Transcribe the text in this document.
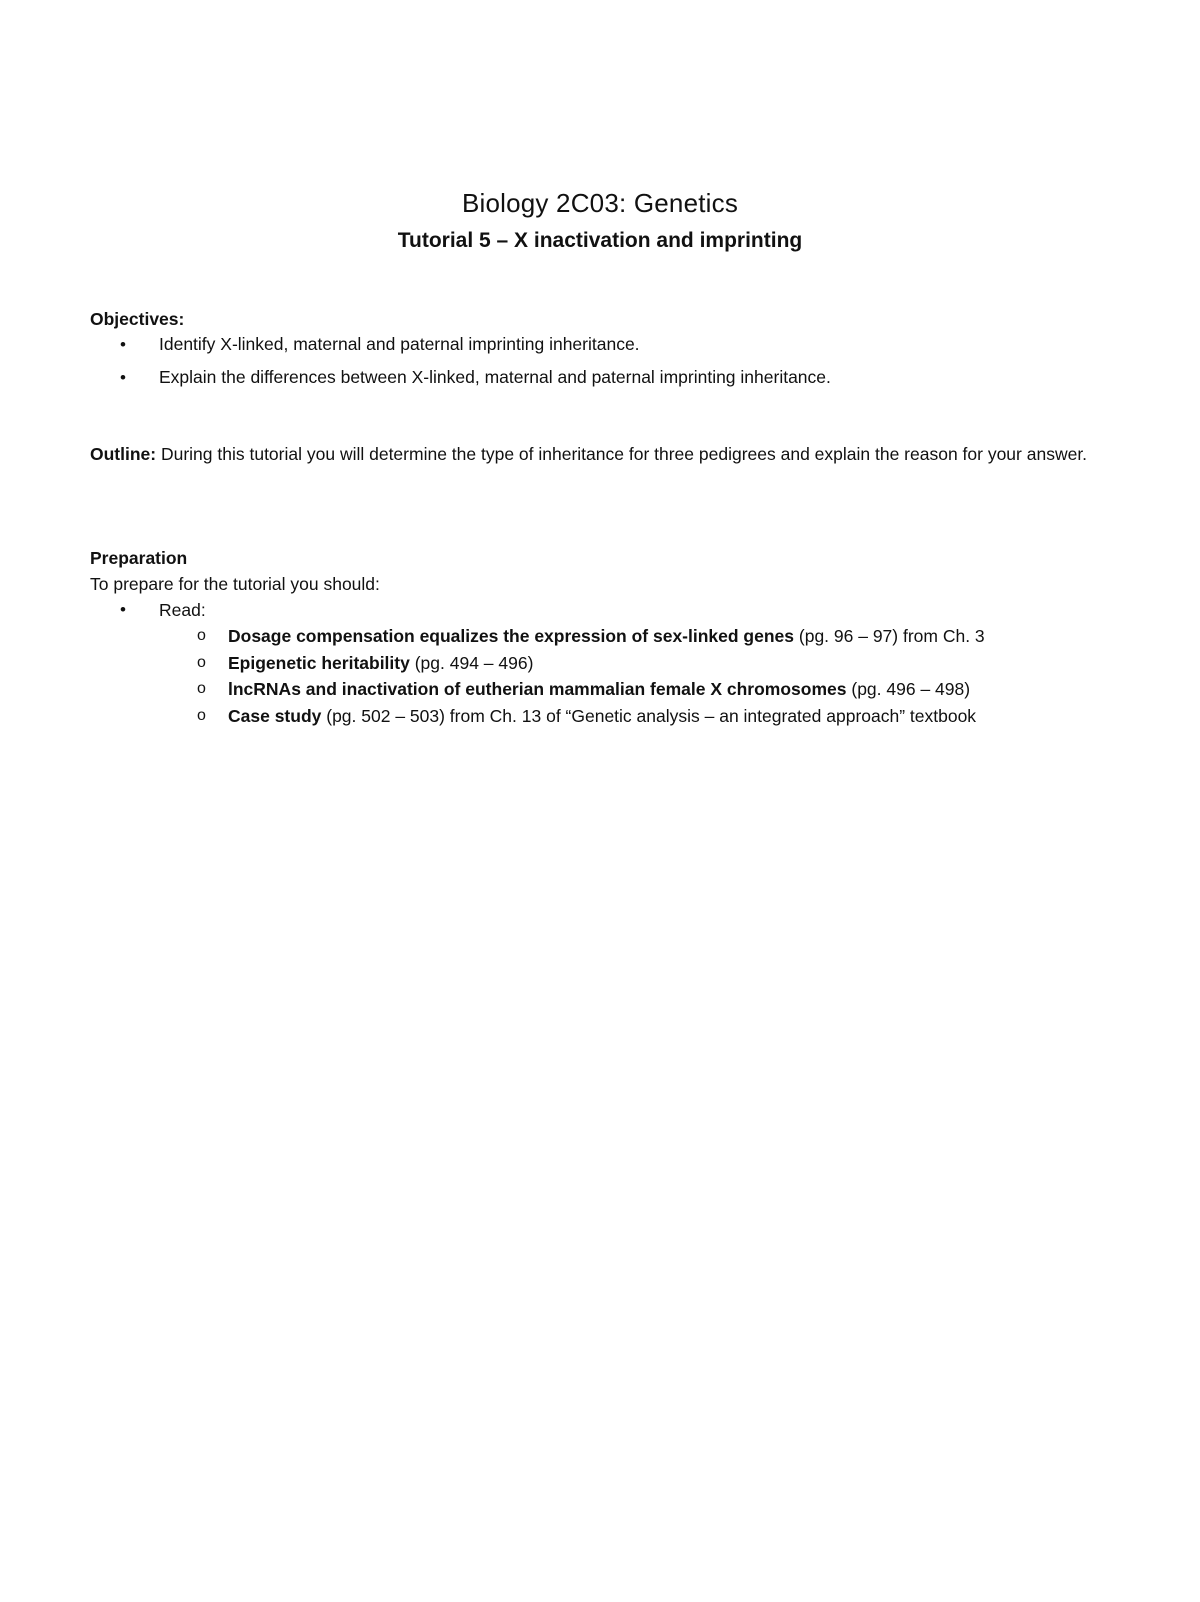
Biology 2C03: Genetics
Tutorial 5 – X inactivation and imprinting
Objectives:
• Identify X-linked, maternal and paternal imprinting inheritance.
• Explain the differences between X-linked, maternal and paternal imprinting inheritance.
Outline: During this tutorial you will determine the type of inheritance for three pedigrees and explain the reason for your answer.
Preparation
To prepare for the tutorial you should:
• Read:
o Dosage compensation equalizes the expression of sex-linked genes (pg. 96 – 97) from Ch. 3
o Epigenetic heritability (pg. 494 – 496)
o lncRNAs and inactivation of eutherian mammalian female X chromosomes (pg. 496 – 498)
o Case study (pg. 502 – 503) from Ch. 13 of “Genetic analysis – an integrated approach” textbook
